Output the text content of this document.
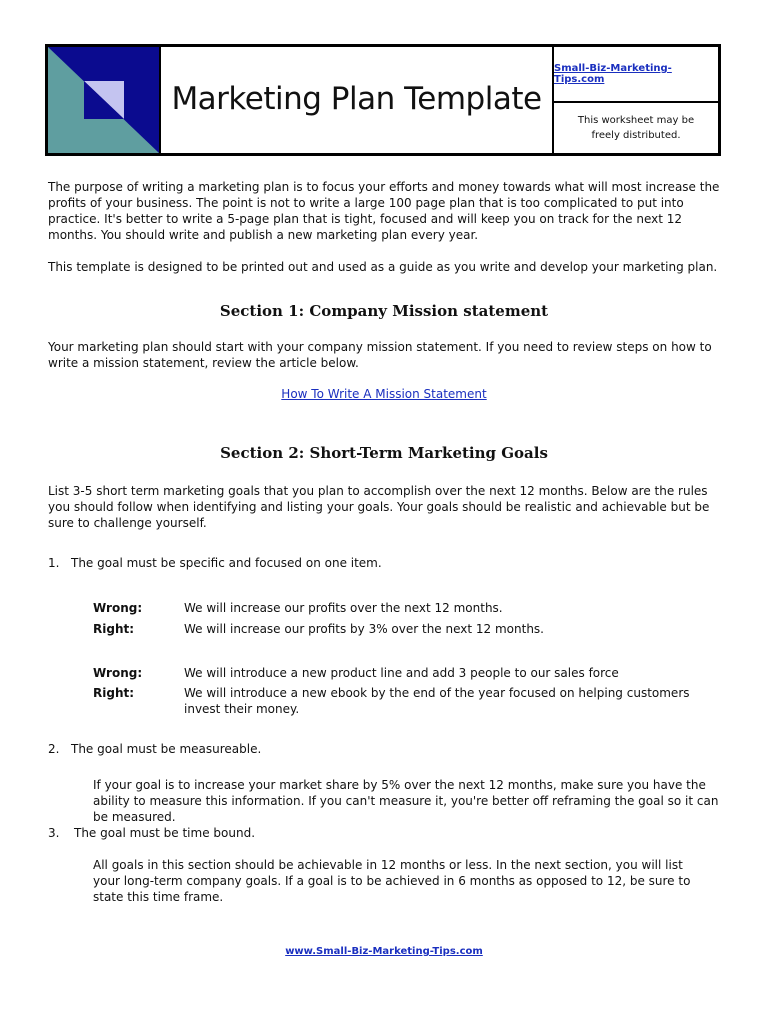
Marketing Plan Template
Small-Biz-Marketing-Tips.com
This worksheet may be
freely distributed.
The purpose of writing a marketing plan is to focus your efforts and money towards what will most increase the profits of your business. The point is not to write a large 100 page plan that is too complicated to put into practice. It's better to write a 5-page plan that is tight, focused and will keep you on track for the next 12 months. You should write and publish a new marketing plan every year.
This template is designed to be printed out and used as a guide as you write and develop your marketing plan.
Section 1: Company Mission statement
Your marketing plan should start with your company mission statement. If you need to review steps on how to write a mission statement, review the article below.
How To Write A Mission Statement
Section 2: Short-Term Marketing Goals
List 3-5 short term marketing goals that you plan to accomplish over the next 12 months. Below are the rules you should follow when identifying and listing your goals. Your goals should be realistic and achievable but be sure to challenge yourself.
1. The goal must be specific and focused on one item.
Wrong:	We will increase our profits over the next 12 months.
Right:	We will increase our profits by 3% over the next 12 months.
Wrong:	We will introduce a new product line and add 3 people to our sales force
Right:	We will introduce a new ebook by the end of the year focused on helping customers invest their money.
2. The goal must be measureable.
If your goal is to increase your market share by 5% over the next 12 months, make sure you have the ability to measure this information. If you can't measure it, you're better off reframing the goal so it can be measured.
3. The goal must be time bound.
All goals in this section should be achievable in 12 months or less. In the next section, you will list your long-term company goals. If a goal is to be achieved in 6 months as opposed to 12, be sure to state this time frame.
www.Small-Biz-Marketing-Tips.com
